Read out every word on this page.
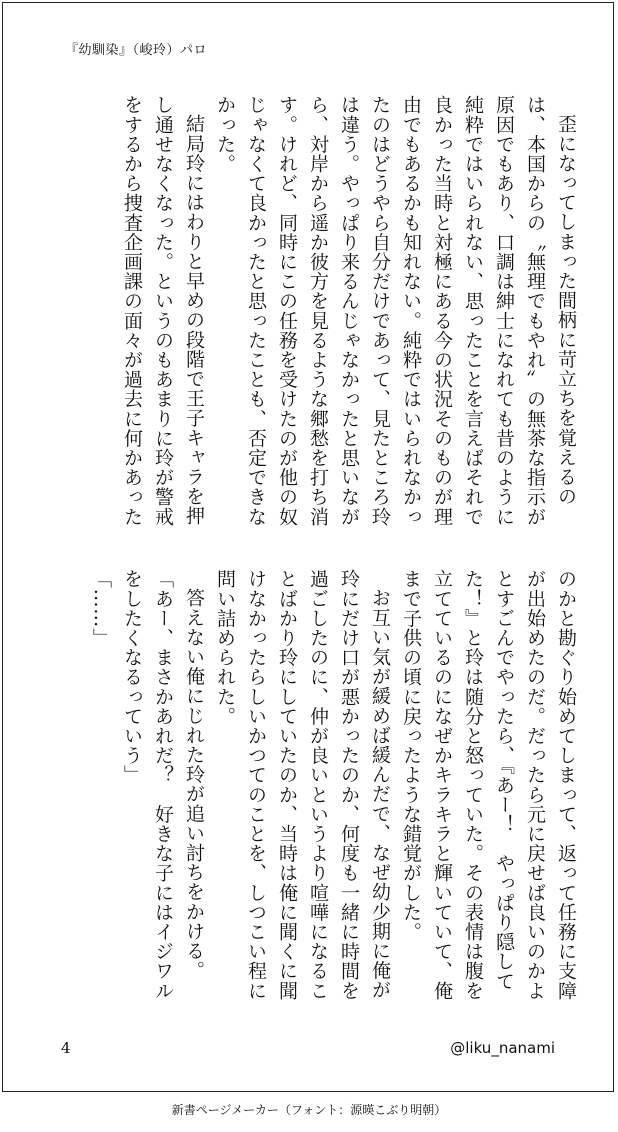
『幼馴染』（峻玲）パロ

歪になってしまった間柄に苛立ちを覚えるのは、本国からの〝無理でもやれ〟の無茶な指示が原因でもあり、口調は紳士になれても昔のように純粋ではいられない、思ったことを言えばそれで良かった当時と対極にある今の状況そのものが理由でもあるかも知れない。純粋ではいられなかったのはどうやら自分だけであって、見たところ玲は違う。やっぱり来るんじゃなかったと思いながら、対岸から遥か彼方を見るような郷愁を打ち消す。けれど、同時にこの任務を受けたのが他の奴じゃなくて良かったと思ったことも、否定できなかった。

結局玲にはわりと早めの段階で王子キャラを押し通せなくなった。というのもあまりに玲が警戒をするから捜査企画課の面々が過去に何かあった

のかと勘ぐり始めてしまって、返って任務に支障が出始めたのだ。だったら元に戻せば良いのかよとすごんでやったら、『あー！　やっぱり隠してた！』と玲は随分と怒っていた。その表情は腹を立てているのになぜかキラキラと輝いていて、俺まで子供の頃に戻ったような錯覚がした。

お互い気が緩めば緩んだで、なぜ幼少期に俺が玲にだけ口が悪かったのか、何度も一緒に時間を過ごしたのに、仲が良いというより喧嘩になることばかり玲にしていたのか、当時は俺に聞くに聞けなかったらしいかつてのことを、しつこい程に問い詰められた。

答えない俺にじれた玲が追い討ちをかける。

「あー、まさかあれだ？　好きな子にはイジワルをしたくなるっていう」

「……」

4	@liku_nanami
新書ページメーカー（フォント：源暎こぶり明朝）
